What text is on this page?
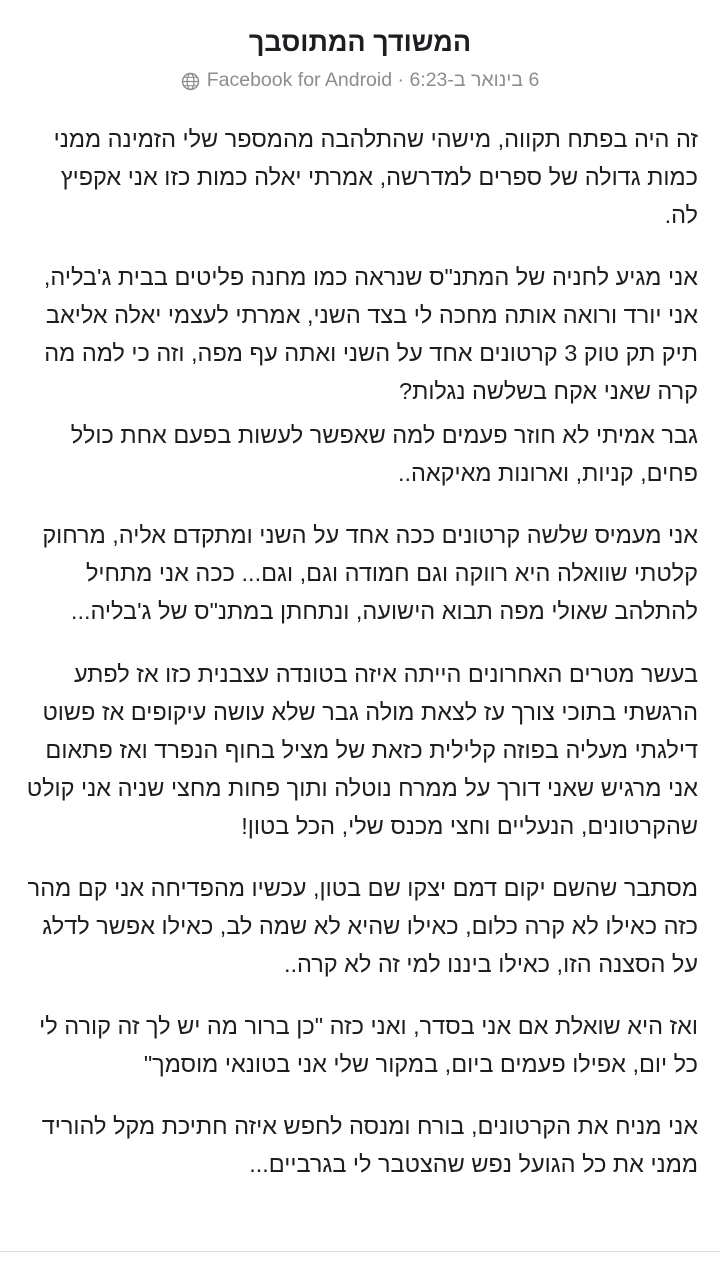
המשודך המתוסבך
6 בינואר ב-6:23 · Facebook for Android

זה היה בפתח תקווה, מישהי שהתלהבה מהמספר שלי הזמינה ממני כמות גדולה של ספרים למדרשה, אמרתי יאלה כמות כזו אני אקפיץ לה.

אני מגיע לחניה של המתנ"ס שנראה כמו מחנה פליטים בבית ג'בליה, אני יורד ורואה אותה מחכה לי בצד השני, אמרתי לעצמי יאלה אליאב תיק תק טוק 3 קרטונים אחד על השני ואתה עף מפה, וזה כי למה מה קרה שאני אקח בשלשה נגלות?

גבר אמיתי לא חוזר פעמים למה שאפשר לעשות בפעם אחת כולל פחים, קניות, וארונות מאיקאה..

אני מעמיס שלשה קרטונים ככה אחד על השני ומתקדם אליה, מרחוק קלטתי שוואלה היא רווקה וגם חמודה וגם, וגם... ככה אני מתחיל להתלהב שאולי מפה תבוא הישועה, ונתחתן במתנ"ס של ג'בליה...

בעשר מטרים האחרונים הייתה איזה בטונדה עצבנית כזו אז לפתע הרגשתי בתוכי צורך עז לצאת מולה גבר שלא עושה עיקופים אז פשוט דילגתי מעליה בפוזה קלילית כזאת של מציל בחוף הנפרד ואז פתאום אני מרגיש שאני דורך על ממרח נוטלה ותוך פחות מחצי שניה אני קולט שהקרטונים, הנעליים וחצי מכנס שלי, הכל בטון!

מסתבר שהשם יקום דמם יצקו שם בטון, עכשיו מהפדיחה אני קם מהר כזה כאילו לא קרה כלום, כאילו שהיא לא שמה לב, כאילו אפשר לדלג על הסצנה הזו, כאילו ביננו למי זה לא קרה..

ואז היא שואלת אם אני בסדר, ואני כזה "כן ברור מה יש לך זה קורה לי כל יום, אפילו פעמים ביום, במקור שלי אני בטונאי מוסמך"

אני מניח את הקרטונים, בורח ומנסה לחפש איזה חתיכת מקל להוריד ממני את כל הגועל נפש שהצטבר לי בגרביים...
